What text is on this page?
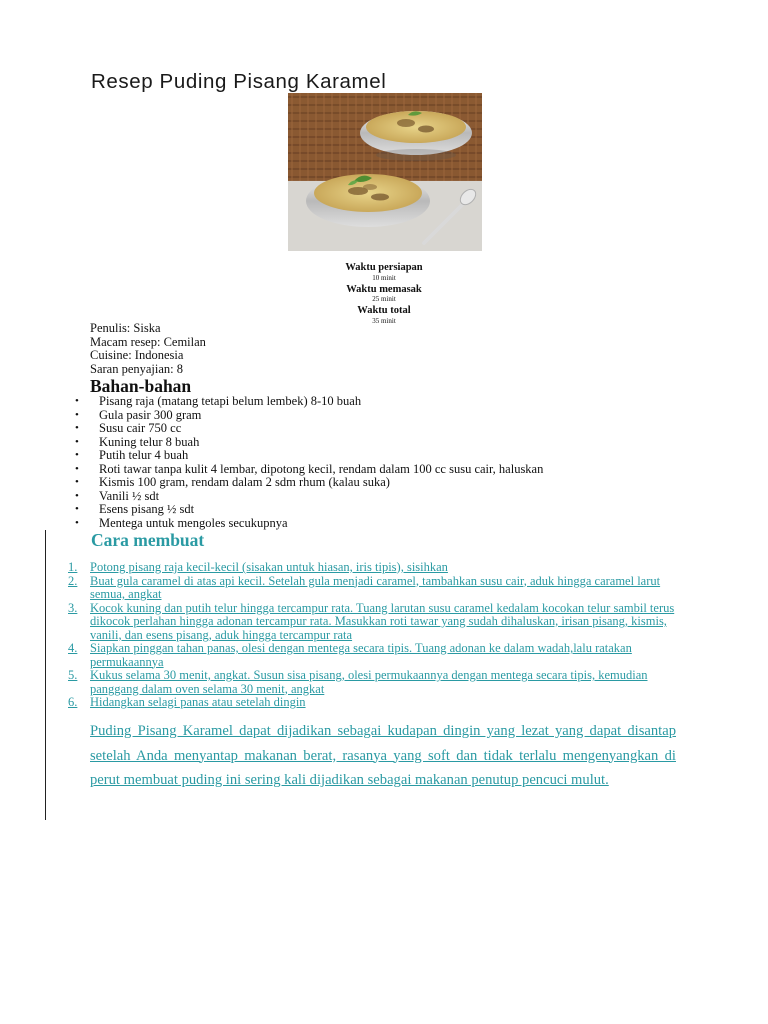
Resep Puding Pisang Karamel
Waktu persiapan
10 minit
Waktu memasak
25 minit
Waktu total
35 minit
Penulis: Siska
Macam resep: Cemilan
Cuisine: Indonesia
Saran penyajian: 8
Bahan-bahan
• Pisang raja (matang tetapi belum lembek) 8-10 buah
• Gula pasir 300 gram
• Susu cair 750 cc
• Kuning telur 8 buah
• Putih telur 4 buah
• Roti tawar tanpa kulit 4 lembar, dipotong kecil, rendam dalam 100 cc susu cair, haluskan
• Kismis 100 gram, rendam dalam 2 sdm rhum (kalau suka)
• Vanili ½ sdt
• Esens pisang ½ sdt
• Mentega untuk mengoles secukupnya
Cara membuat
1. Potong pisang raja kecil-kecil (sisakan untuk hiasan, iris tipis), sisihkan
2. Buat gula caramel di atas api kecil. Setelah gula menjadi caramel, tambahkan susu cair, aduk hingga caramel larut semua, angkat
3. Kocok kuning dan putih telur hingga tercampur rata. Tuang larutan susu caramel kedalam kocokan telur sambil terus dikocok perlahan hingga adonan tercampur rata. Masukkan roti tawar yang sudah dihaluskan, irisan pisang, kismis, vanili, dan esens pisang, aduk hingga tercampur rata
4. Siapkan pinggan tahan panas, olesi dengan mentega secara tipis. Tuang adonan ke dalam wadah,lalu ratakan permukaannya
5. Kukus selama 30 menit, angkat. Susun sisa pisang, olesi permukaannya dengan mentega secara tipis, kemudian panggang dalam oven selama 30 menit, angkat
6. Hidangkan selagi panas atau setelah dingin
Puding Pisang Karamel dapat dijadikan sebagai kudapan dingin yang lezat yang dapat disantap setelah Anda menyantap makanan berat, rasanya yang soft dan tidak terlalu mengenyangkan di perut membuat puding ini sering kali dijadikan sebagai makanan penutup pencuci mulut.
